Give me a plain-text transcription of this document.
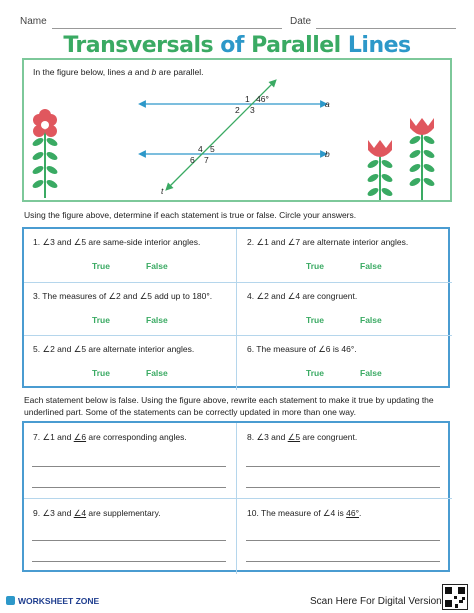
Name	Date
Transversals of Parallel Lines
In the figure below, lines a and b are parallel.
1 46°
2 3
a
4 5
6 7
b
t
Using the figure above, determine if each statement is true or false. Circle your answers.
1. ∠3 and ∠5 are same-side interior angles.
True	False
2. ∠1 and ∠7 are alternate interior angles.
True	False
3. The measures of ∠2 and ∠5 add up to 180°.
True	False
4. ∠2 and ∠4 are congruent.
True	False
5. ∠2 and ∠5 are alternate interior angles.
True	False
6. The measure of ∠6 is 46°.
True	False
Each statement below is false. Using the figure above, rewrite each statement to make it true by updating the underlined part. Some of the statements can be correctly updated in more than one way.
7. ∠1 and ∠6 are corresponding angles.	8. ∠3 and ∠5 are congruent.
9. ∠3 and ∠4 are supplementary.	10. The measure of ∠4 is 46°.
WORKSHEET ZONE	Scan Here For Digital Version
